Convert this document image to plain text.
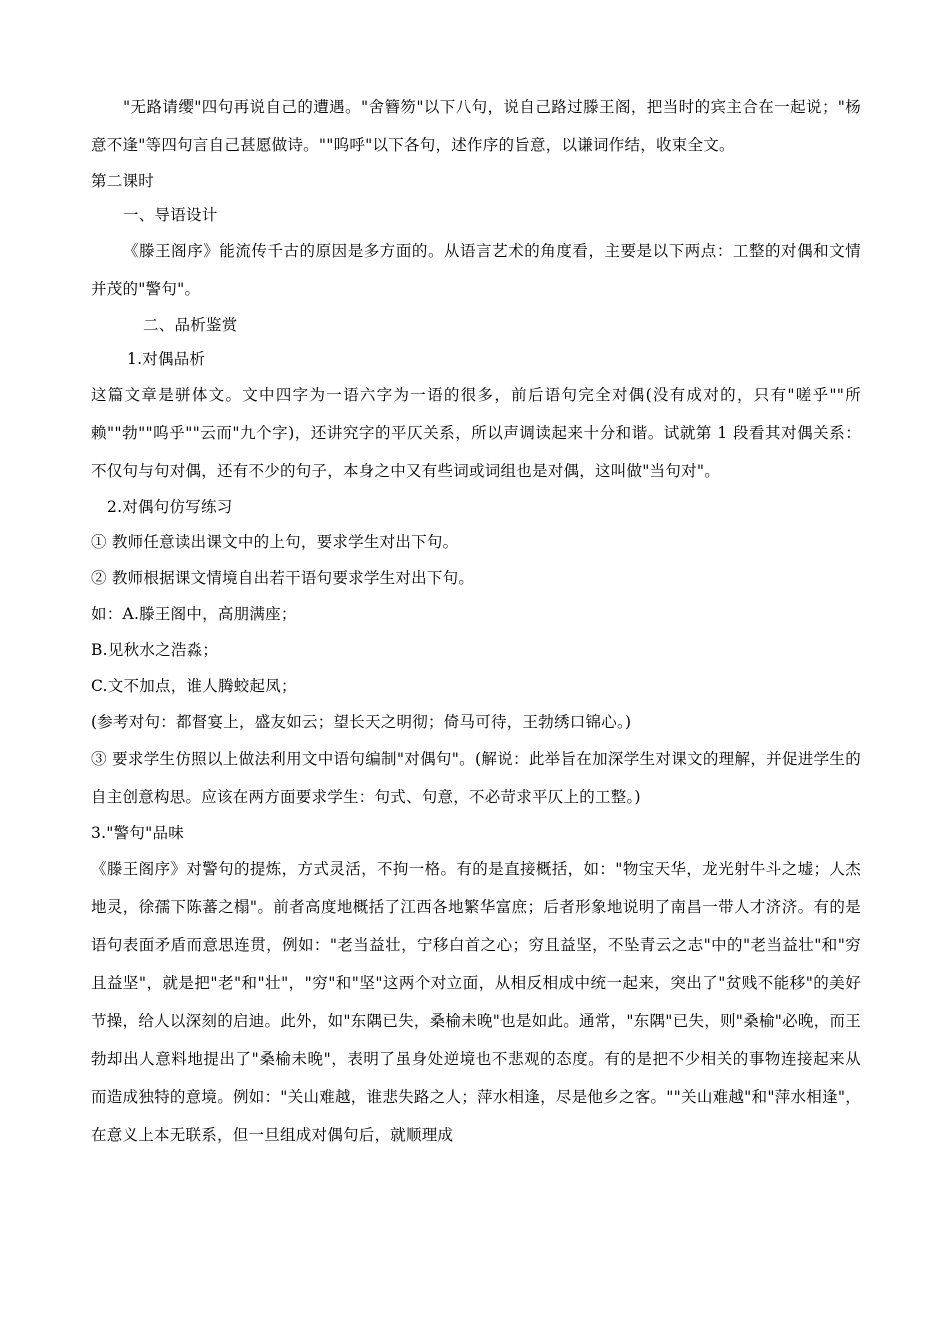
"无路请缨"四句再说自己的遭遇。"舍簪笏"以下八句，说自己路过滕王阁，把当时的宾主合在一起说；"杨意不逢"等四句言自己甚愿做诗。""呜呼"以下各句，述作序的旨意，以谦词作结，收束全文。

第二课时

一、导语设计

《滕王阁序》能流传千古的原因是多方面的。从语言艺术的角度看，主要是以下两点：工整的对偶和文情并茂的"警句"。

二、品析鉴赏

1.对偶品析

这篇文章是骈体文。文中四字为一语六字为一语的很多，前后语句完全对偶(没有成对的，只有"嗟乎""所赖""勃""呜乎""云而"九个字)，还讲究字的平仄关系，所以声调读起来十分和谐。试就第 1 段看其对偶关系：不仅句与句对偶，还有不少的句子，本身之中又有些词或词组也是对偶，这叫做"当句对"。

2.对偶句仿写练习

① 教师任意读出课文中的上句，要求学生对出下句。

② 教师根据课文情境自出若干语句要求学生对出下句。

如：A.滕王阁中，高朋满座；

B.见秋水之浩淼；

C.文不加点，谁人腾蛟起凤；

(参考对句：都督宴上，盛友如云；望长天之明彻；倚马可待，王勃绣口锦心。)

③ 要求学生仿照以上做法利用文中语句编制"对偶句"。(解说：此举旨在加深学生对课文的理解，并促进学生的自主创意构思。应该在两方面要求学生：句式、句意，不必苛求平仄上的工整。)

3."警句"品味

《滕王阁序》对警句的提炼，方式灵活，不拘一格。有的是直接概括，如："物宝天华，龙光射牛斗之墟；人杰地灵，徐孺下陈蕃之榻"。前者高度地概括了江西各地繁华富庶；后者形象地说明了南昌一带人才济济。有的是语句表面矛盾而意思连贯，例如："老当益壮，宁移白首之心；穷且益坚，不坠青云之志"中的"老当益壮"和"穷且益坚"，就是把"老"和"壮"，"穷"和"坚"这两个对立面，从相反相成中统一起来，突出了"贫贱不能移"的美好节操，给人以深刻的启迪。此外，如"东隅已失，桑榆未晚"也是如此。通常，"东隅"已失，则"桑榆"必晚，而王勃却出人意料地提出了"桑榆未晚"，表明了虽身处逆境也不悲观的态度。有的是把不少相关的事物连接起来从而造成独特的意境。例如："关山难越，谁悲失路之人；萍水相逢，尽是他乡之客。""关山难越"和"萍水相逢"，在意义上本无联系，但一旦组成对偶句后，就顺理成
